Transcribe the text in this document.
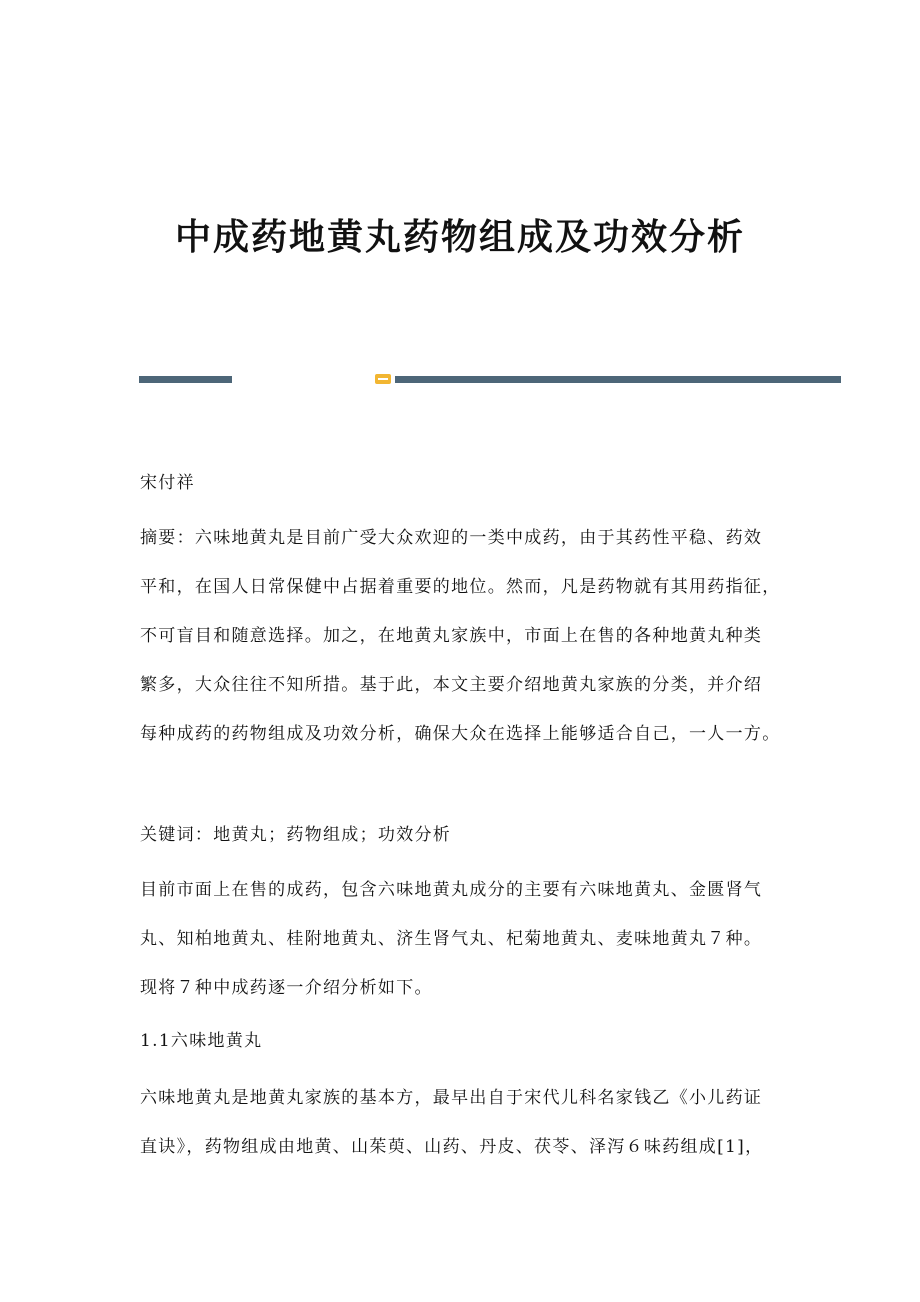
中成药地黄丸药物组成及功效分析

宋付祥

摘要：六味地黄丸是目前广受大众欢迎的一类中成药，由于其药性平稳、药效
平和，在国人日常保健中占据着重要的地位。然而，凡是药物就有其用药指征，
不可盲目和随意选择。加之，在地黄丸家族中，市面上在售的各种地黄丸种类
繁多，大众往往不知所措。基于此，本文主要介绍地黄丸家族的分类，并介绍
每种成药的药物组成及功效分析，确保大众在选择上能够适合自己，一人一方。

关键词：地黄丸；药物组成；功效分析

目前市面上在售的成药，包含六味地黄丸成分的主要有六味地黄丸、金匮肾气
丸、知柏地黄丸、桂附地黄丸、济生肾气丸、杞菊地黄丸、麦味地黄丸７种。
现将７种中成药逐一介绍分析如下。

1.1六味地黄丸

六味地黄丸是地黄丸家族的基本方，最早出自于宋代儿科名家钱乙《小儿药证
直诀》，药物组成由地黄、山茱萸、山药、丹皮、茯苓、泽泻６味药组成[1]，
